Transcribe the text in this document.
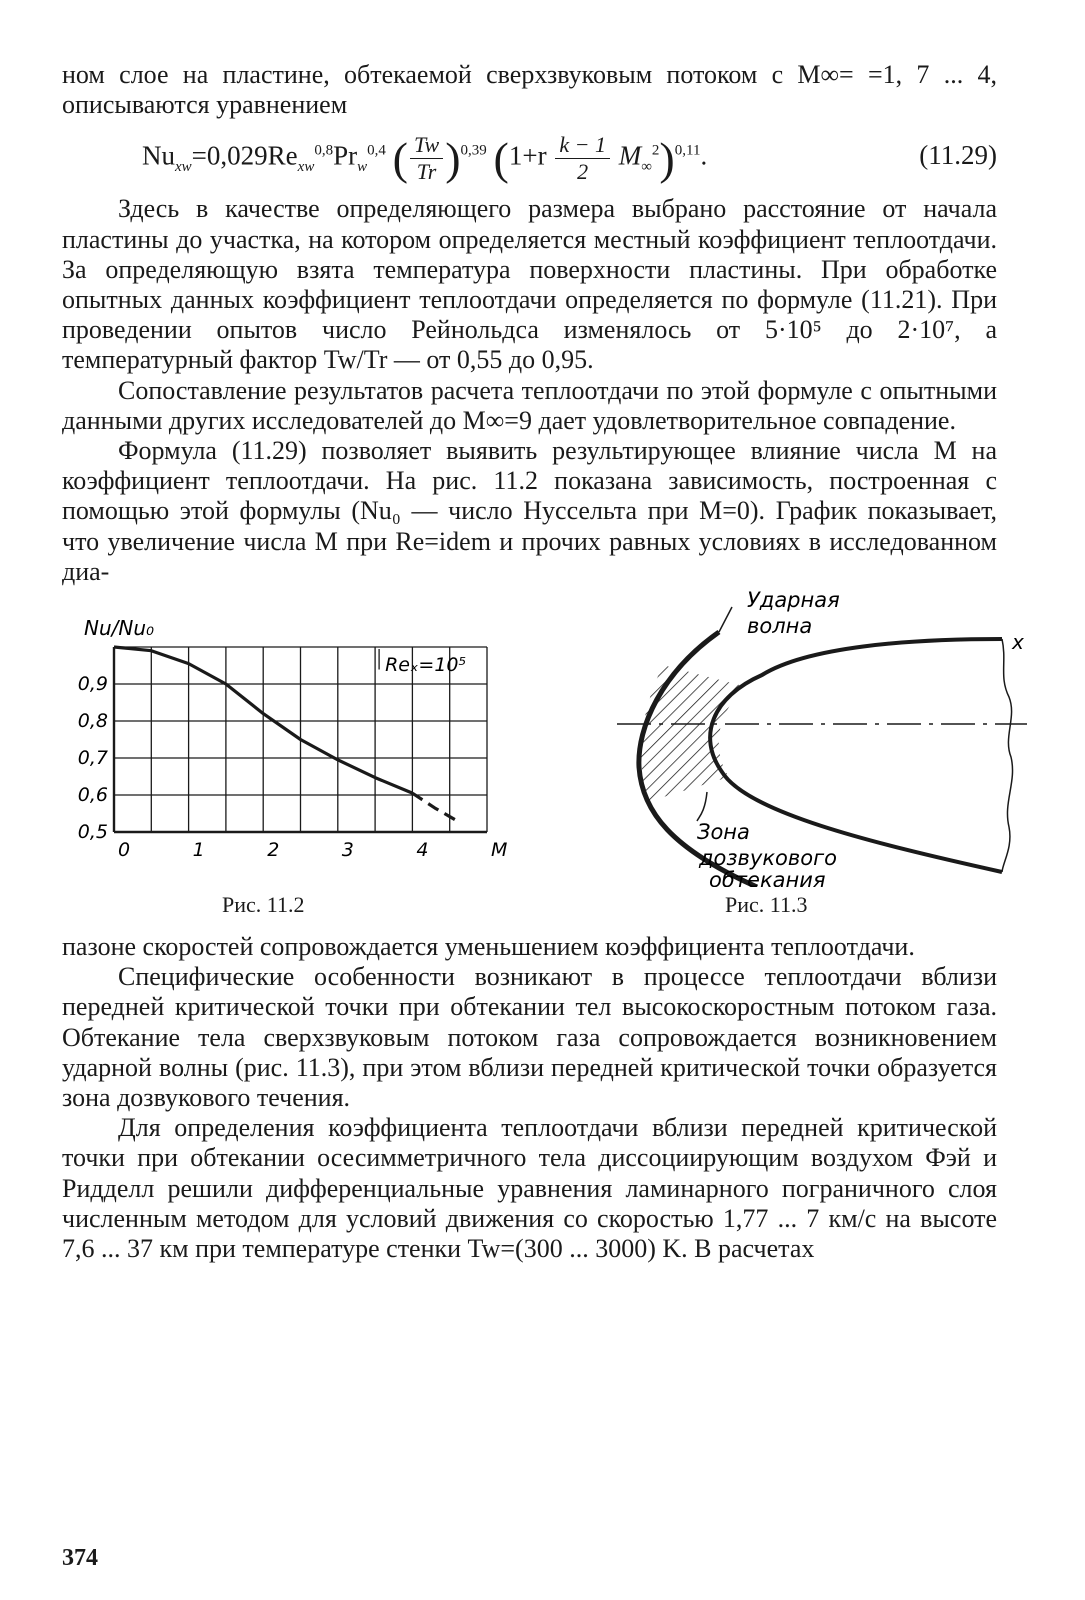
ном слое на пластине, обтекаемой сверхзвуковым потоком с M∞= =1, 7 ... 4, описываются уравнением

$Nu_{xw}=0,029Re_{xw}^{0,8}Pr_w^{0,4}$ ( $\frac{Tw}{Tr} )^{0,39}$ $(1+r \frac{k - 1}{2} M_\infty^2)^{0,11}$.	(11.29)

Здесь в качестве определяющего размера выбрано расстояние от начала пластины до участка, на котором определяется местный коэффициент теплоотдачи. За определяющую взята температура поверхности пластины. При обработке опытных данных коэффициент теплоотдачи определяется по формуле (11.21). При проведении опытов число Рейнольдса изменялось от 5·10⁵ до 2·10⁷, а температурный фактор Tw/Tr — от 0,55 до 0,95.

Сопоставление результатов расчета теплоотдачи по этой формуле с опытными данными других исследователей до M∞=9 дает удовлетворительное совпадение.

Формула (11.29) позволяет выявить результирующее влияние числа M на коэффициент теплоотдачи. На рис. 11.2 показана зависимость, построенная с помощью этой формулы (Nu₀ — число Нуссельта при M=0). График показывает, что увеличение числа M при Re=idem и прочих равных условиях в исследованном диа-

0	1	2	3	4	M
0,5
0,6
0,7
0,8
0,9
Nu/Nu₀
Reₓ=10⁵
Рис. 11.2
Ударная
волна
x
Зона
дозвукового
обтекания
Рис. 11.3

пазоне скоростей сопровождается уменьшением коэффициента теплоотдачи.

Специфические особенности возникают в процессе теплоотдачи вблизи передней критической точки при обтекании тел высокоскоростным потоком газа. Обтекание тела сверхзвуковым потоком газа сопровождается возникновением ударной волны (рис. 11.3), при этом вблизи передней критической точки образуется зона дозвукового течения.

Для определения коэффициента теплоотдачи вблизи передней критической точки при обтекании осесимметричного тела диссоциирующим воздухом Фэй и Ридделл решили дифференциальные уравнения ламинарного пограничного слоя численным методом для условий движения со скоростью 1,77 ... 7 км/с на высоте 7,6 ... 37 км при температуре стенки Tw=(300 ... 3000) K. В расчетах

374
